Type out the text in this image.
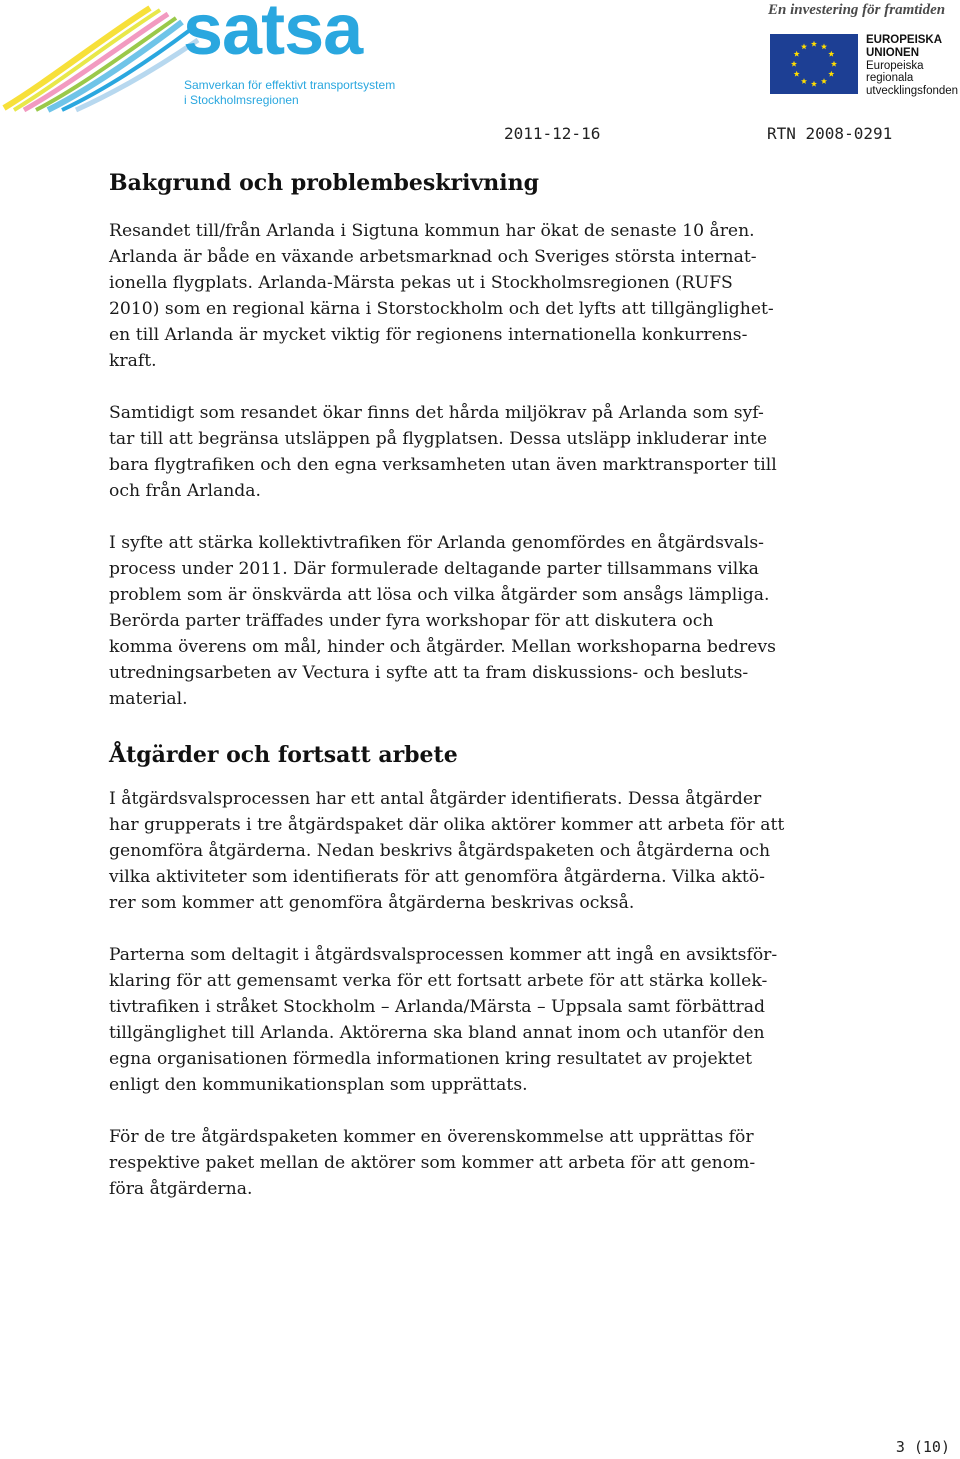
satsa
Samverkan för effektivt transportsystem
i Stockholmsregionen
En investering för framtiden
EUROPEISKA
UNIONEN
Europeiska
regionala
utvecklingsfonden
2011-12-16	RTN 2008-0291
Bakgrund och problembeskrivning

Resandet till/från Arlanda i Sigtuna kommun har ökat de senaste 10 åren.
Arlanda är både en växande arbetsmarknad och Sveriges största internat-
ionella flygplats. Arlanda-Märsta pekas ut i Stockholmsregionen (RUFS
2010) som en regional kärna i Storstockholm och det lyfts att tillgänglighet-
en till Arlanda är mycket viktig för regionens internationella konkurrens-
kraft.

Samtidigt som resandet ökar finns det hårda miljökrav på Arlanda som syf-
tar till att begränsa utsläppen på flygplatsen. Dessa utsläpp inkluderar inte
bara flygtrafiken och den egna verksamheten utan även marktransporter till
och från Arlanda.

I syfte att stärka kollektivtrafiken för Arlanda genomfördes en åtgärdsvals-
process under 2011. Där formulerade deltagande parter tillsammans vilka
problem som är önskvärda att lösa och vilka åtgärder som ansågs lämpliga.
Berörda parter träffades under fyra workshopar för att diskutera och
komma överens om mål, hinder och åtgärder. Mellan workshoparna bedrevs
utredningsarbeten av Vectura i syfte att ta fram diskussions- och besluts-
material.

Åtgärder och fortsatt arbete

I åtgärdsvalsprocessen har ett antal åtgärder identifierats. Dessa åtgärder
har grupperats i tre åtgärdspaket där olika aktörer kommer att arbeta för att
genomföra åtgärderna. Nedan beskrivs åtgärdspaketen och åtgärderna och
vilka aktiviteter som identifierats för att genomföra åtgärderna. Vilka aktö-
rer som kommer att genomföra åtgärderna beskrivas också.

Parterna som deltagit i åtgärdsvalsprocessen kommer att ingå en avsiktsför-
klaring för att gemensamt verka för ett fortsatt arbete för att stärka kollek-
tivtrafiken i stråket Stockholm – Arlanda/Märsta – Uppsala samt förbättrad
tillgänglighet till Arlanda. Aktörerna ska bland annat inom och utanför den
egna organisationen förmedla informationen kring resultatet av projektet
enligt den kommunikationsplan som upprättats.

För de tre åtgärdspaketen kommer en överenskommelse att upprättas för
respektive paket mellan de aktörer som kommer att arbeta för att genom-
föra åtgärderna.

3 (10)
